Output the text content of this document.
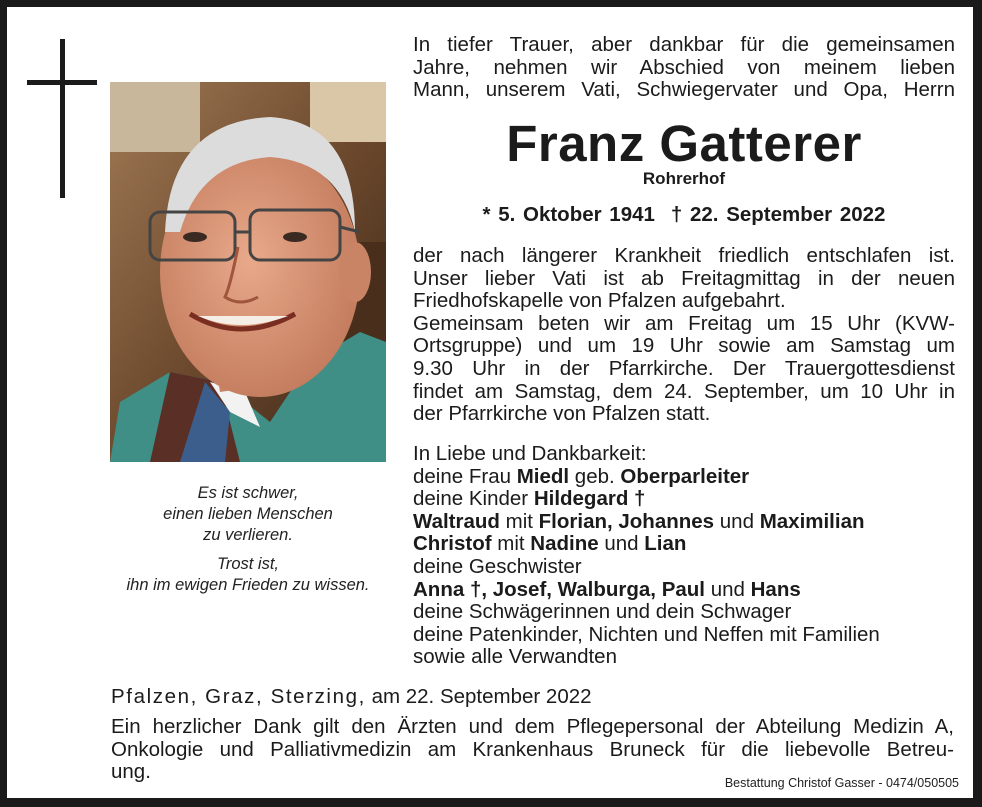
Es ist schwer,
einen lieben Menschen
zu verlieren.
Trost ist,
ihn im ewigen Frieden zu wissen.
In tiefer Trauer, aber dankbar für die gemeinsamen
Jahre, nehmen wir Abschied von meinem lieben
Mann, unserem Vati, Schwiegervater und Opa, Herrn
Franz Gatterer
Rohrerhof
* 5. Oktober 1941 † 22. September 2022
der nach längerer Krankheit friedlich entschlafen ist.
Unser lieber Vati ist ab Freitagmittag in der neuen
Friedhofskapelle von Pfalzen aufgebahrt.
Gemeinsam beten wir am Freitag um 15 Uhr (KVW-
Ortsgruppe) und um 19 Uhr sowie am Samstag um
9.30 Uhr in der Pfarrkirche. Der Trauergottesdienst
findet am Samstag, dem 24. September, um 10 Uhr in
der Pfarrkirche von Pfalzen statt.
In Liebe und Dankbarkeit:
deine Frau Miedl geb. Oberparleiter
deine Kinder Hildegard †
Waltraud mit Florian, Johannes und Maximilian
Christof mit Nadine und Lian
deine Geschwister
Anna †, Josef, Walburga, Paul und Hans
deine Schwägerinnen und dein Schwager
deine Patenkinder, Nichten und Neffen mit Familien
sowie alle Verwandten
Pfalzen, Graz, Sterzing, am 22. September 2022
Ein herzlicher Dank gilt den Ärzten und dem Pflegepersonal der Abteilung Medizin A,
Onkologie und Palliativmedizin am Krankenhaus Bruneck für die liebevolle Betreu-
ung.	Bestattung Christof Gasser - 0474/050505
